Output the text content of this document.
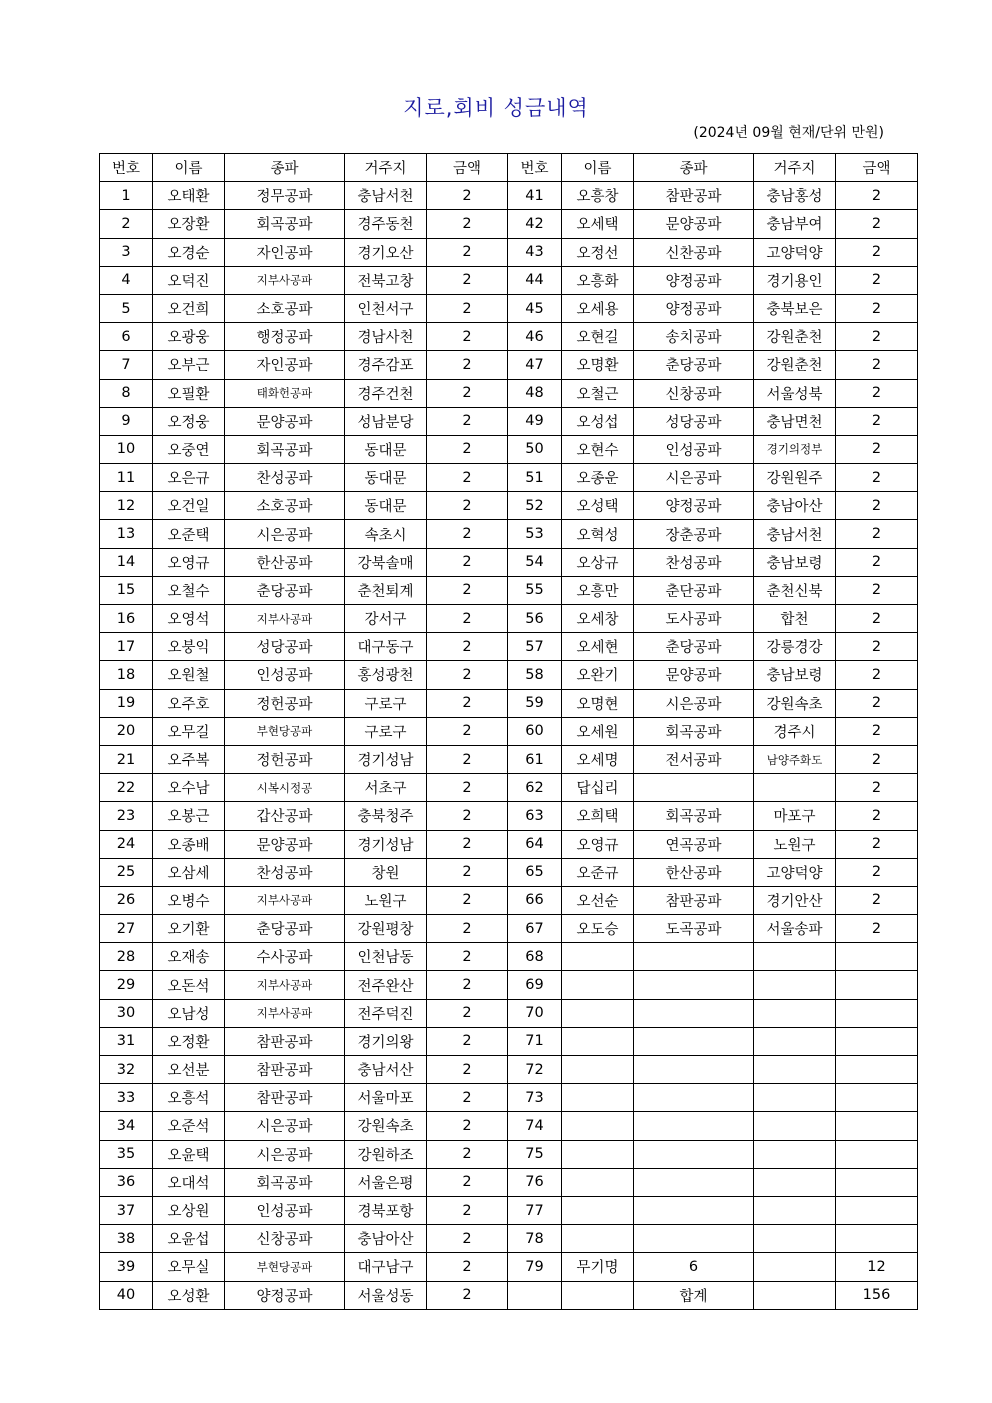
지로,회비 성금내역
(2024년 09월 현재/단위 만원)
번호	이름	종파	거주지	금액	번호	이름	종파	거주지	금액
1	오태환	정무공파	충남서천	2	41	오흥창	참판공파	충남홍성	2
2	오장환	회곡공파	경주동천	2	42	오세택	문양공파	충남부여	2
3	오경순	자인공파	경기오산	2	43	오정선	신찬공파	고양덕양	2
4	오덕진	지부사공파	전북고창	2	44	오흥화	양정공파	경기용인	2
5	오건희	소호공파	인천서구	2	45	오세용	양정공파	충북보은	2
6	오광웅	행정공파	경남사천	2	46	오현길	송치공파	강원춘천	2
7	오부근	자인공파	경주감포	2	47	오명환	춘당공파	강원춘천	2
8	오필환	태화헌공파	경주건천	2	48	오철근	신창공파	서울성북	2
9	오정웅	문양공파	성남분당	2	49	오성섭	성당공파	충남면천	2
10	오중연	회곡공파	동대문	2	50	오현수	인성공파	경기의정부	2
11	오은규	찬성공파	동대문	2	51	오종운	시은공파	강원원주	2
12	오건일	소호공파	동대문	2	52	오성택	양정공파	충남아산	2
13	오준택	시은공파	속초시	2	53	오혁성	장춘공파	충남서천	2
14	오영규	한산공파	강북솔매	2	54	오상규	찬성공파	충남보령	2
15	오철수	춘당공파	춘천퇴계	2	55	오흥만	춘단공파	춘천신북	2
16	오영석	지부사공파	강서구	2	56	오세창	도사공파	합천	2
17	오붕익	성당공파	대구동구	2	57	오세현	춘당공파	강릉경강	2
18	오원철	인성공파	홍성광천	2	58	오완기	문양공파	충남보령	2
19	오주호	정헌공파	구로구	2	59	오명현	시은공파	강원속초	2
20	오무길	부현당공파	구로구	2	60	오세원	회곡공파	경주시	2
21	오주복	정헌공파	경기성남	2	61	오세명	전서공파	남양주화도	2
22	오수남	시복시정공	서초구	2	62	답십리			2
23	오봉근	갑산공파	충북청주	2	63	오희택	회곡공파	마포구	2
24	오종배	문양공파	경기성남	2	64	오영규	연곡공파	노원구	2
25	오삼세	찬성공파	창원	2	65	오준규	한산공파	고양덕양	2
26	오병수	지부사공파	노원구	2	66	오선순	참판공파	경기안산	2
27	오기환	춘당공파	강원평창	2	67	오도승	도곡공파	서울송파	2
28	오재송	수사공파	인천남동	2	68				
29	오돈석	지부사공파	전주완산	2	69				
30	오남성	지부사공파	전주덕진	2	70				
31	오정환	참판공파	경기의왕	2	71				
32	오선분	참판공파	충남서산	2	72				
33	오흥석	참판공파	서울마포	2	73				
34	오준석	시은공파	강원속초	2	74				
35	오윤택	시은공파	강원하조	2	75				
36	오대석	회곡공파	서울은평	2	76				
37	오상원	인성공파	경북포항	2	77				
38	오윤섭	신창공파	충남아산	2	78				
39	오무실	부현당공파	대구남구	2	79	무기명	6		12
40	오성환	양정공파	서울성동	2			합계		156
